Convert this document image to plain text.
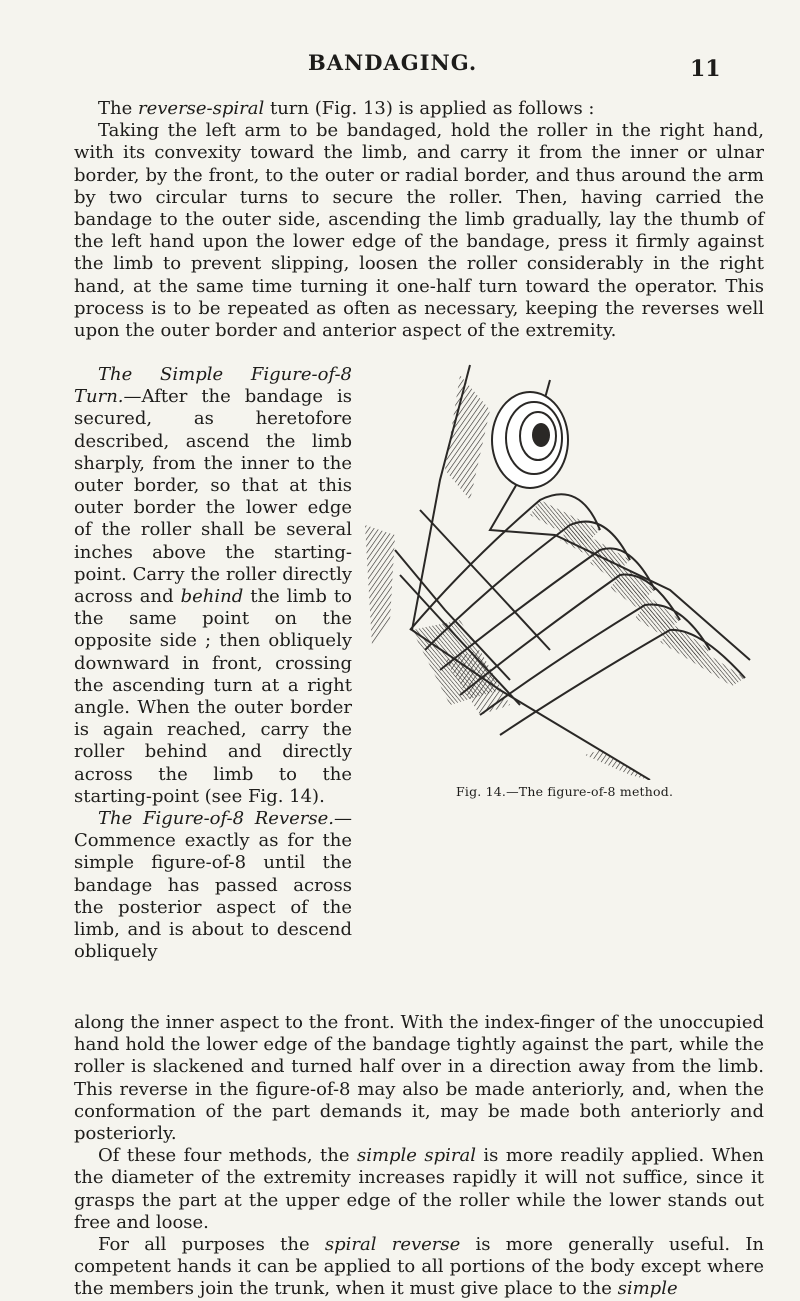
BANDAGING.	11

The reverse-spiral turn (Fig. 13) is applied as follows :

Taking the left arm to be bandaged, hold the roller in the right hand, with its convexity toward the limb, and carry it from the inner or ulnar border, by the front, to the outer or radial border, and thus around the arm by two circular turns to secure the roller. Then, having carried the bandage to the outer side, ascending the limb gradually, lay the thumb of the left hand upon the lower edge of the bandage, press it firmly against the limb to prevent slipping, loosen the roller considerably in the right hand, at the same time turning it one-half turn toward the operator. This process is to be repeated as often as necessary, keeping the reverses well upon the outer border and anterior aspect of the extremity.

The Simple Figure-of-8 Turn.—After the bandage is secured, as heretofore described, ascend the limb sharply, from the inner to the outer border, so that at this outer border the lower edge of the roller shall be several inches above the starting-point. Carry the roller directly across and behind the limb to the same point on the opposite side ; then obliquely downward in front, crossing the ascending turn at a right angle. When the outer border is again reached, carry the roller behind and directly across the limb to the starting-point (see Fig. 14).

The Figure-of-8 Reverse.—Commence exactly as for the simple figure-of-8 until the bandage has passed across the posterior aspect of the limb, and is about to descend obliquely

Fig. 14.—The figure-of-8 method.

along the inner aspect to the front. With the index-finger of the unoccupied hand hold the lower edge of the bandage tightly against the part, while the roller is slackened and turned half over in a direction away from the limb. This reverse in the figure-of-8 may also be made anteriorly, and, when the conformation of the part demands it, may be made both anteriorly and posteriorly.

Of these four methods, the simple spiral is more readily applied. When the diameter of the extremity increases rapidly it will not suffice, since it grasps the part at the upper edge of the roller while the lower stands out free and loose.

For all purposes the spiral reverse is more generally useful. In competent hands it can be applied to all portions of the body except where the members join the trunk, when it must give place to the simple
